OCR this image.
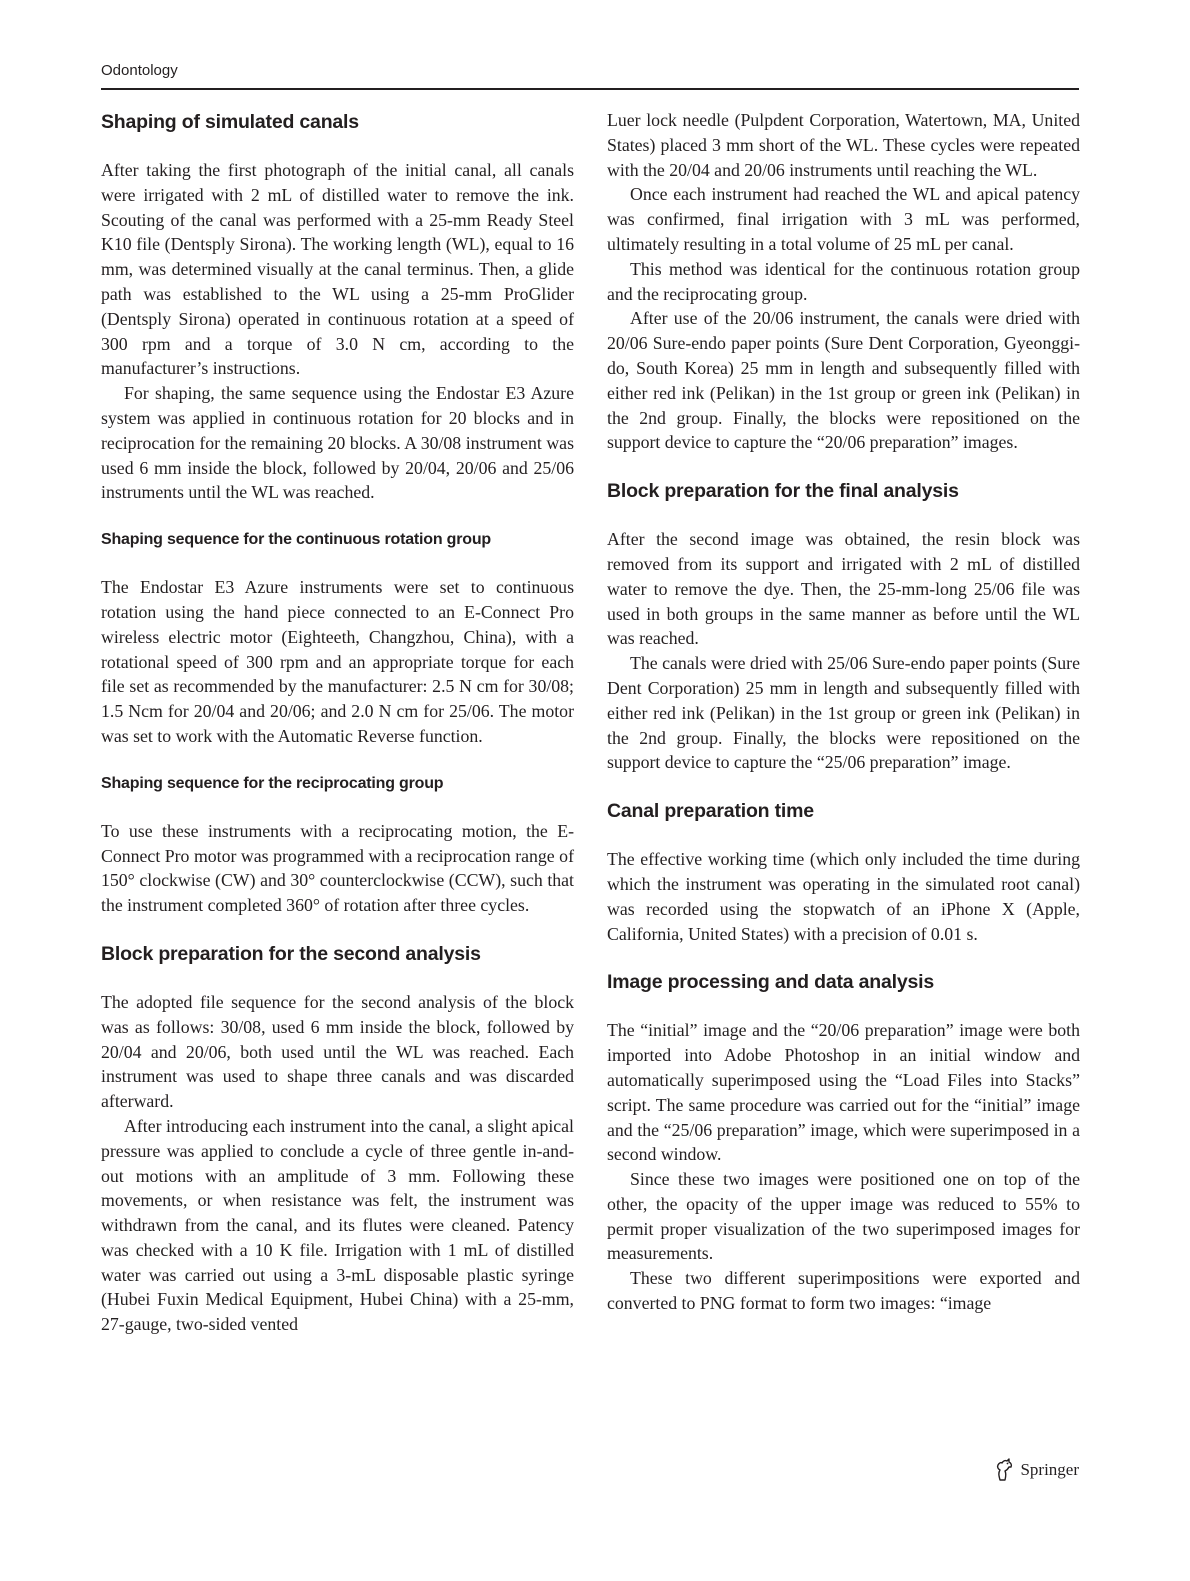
Odontology
Shaping of simulated canals

After taking the first photograph of the initial canal, all canals were irrigated with 2 mL of distilled water to remove the ink. Scouting of the canal was performed with a 25-mm Ready Steel K10 file (Dentsply Sirona). The working length (WL), equal to 16 mm, was determined visually at the canal terminus. Then, a glide path was established to the WL using a 25-mm ProGlider (Dentsply Sirona) operated in continuous rotation at a speed of 300 rpm and a torque of 3.0 N cm, according to the manufacturer’s instructions.

For shaping, the same sequence using the Endostar E3 Azure system was applied in continuous rotation for 20 blocks and in reciprocation for the remaining 20 blocks. A 30/08 instrument was used 6 mm inside the block, followed by 20/04, 20/06 and 25/06 instruments until the WL was reached.

Shaping sequence for the continuous rotation group

The Endostar E3 Azure instruments were set to continuous rotation using the hand piece connected to an E-Connect Pro wireless electric motor (Eighteeth, Changzhou, China), with a rotational speed of 300 rpm and an appropriate torque for each file set as recommended by the manufacturer: 2.5 N cm for 30/08; 1.5 Ncm for 20/04 and 20/06; and 2.0 N cm for 25/06. The motor was set to work with the Automatic Reverse function.

Shaping sequence for the reciprocating group

To use these instruments with a reciprocating motion, the E-Connect Pro motor was programmed with a reciprocation range of 150° clockwise (CW) and 30° counterclockwise (CCW), such that the instrument completed 360° of rotation after three cycles.

Block preparation for the second analysis

The adopted file sequence for the second analysis of the block was as follows: 30/08, used 6 mm inside the block, followed by 20/04 and 20/06, both used until the WL was reached. Each instrument was used to shape three canals and was discarded afterward.

After introducing each instrument into the canal, a slight apical pressure was applied to conclude a cycle of three gentle in-and-out motions with an amplitude of 3 mm. Following these movements, or when resistance was felt, the instrument was withdrawn from the canal, and its flutes were cleaned. Patency was checked with a 10 K file. Irrigation with 1 mL of distilled water was carried out using a 3-mL disposable plastic syringe (Hubei Fuxin Medical Equipment, Hubei China) with a 25-mm, 27-gauge, two-sided vented

Luer lock needle (Pulpdent Corporation, Watertown, MA, United States) placed 3 mm short of the WL. These cycles were repeated with the 20/04 and 20/06 instruments until reaching the WL.

Once each instrument had reached the WL and apical patency was confirmed, final irrigation with 3 mL was performed, ultimately resulting in a total volume of 25 mL per canal.

This method was identical for the continuous rotation group and the reciprocating group.

After use of the 20/06 instrument, the canals were dried with 20/06 Sure-endo paper points (Sure Dent Corporation, Gyeonggi-do, South Korea) 25 mm in length and subsequently filled with either red ink (Pelikan) in the 1st group or green ink (Pelikan) in the 2nd group. Finally, the blocks were repositioned on the support device to capture the “20/06 preparation” images.

Block preparation for the final analysis

After the second image was obtained, the resin block was removed from its support and irrigated with 2 mL of distilled water to remove the dye. Then, the 25-mm-long 25/06 file was used in both groups in the same manner as before until the WL was reached.

The canals were dried with 25/06 Sure-endo paper points (Sure Dent Corporation) 25 mm in length and subsequently filled with either red ink (Pelikan) in the 1st group or green ink (Pelikan) in the 2nd group. Finally, the blocks were repositioned on the support device to capture the “25/06 preparation” image.

Canal preparation time

The effective working time (which only included the time during which the instrument was operating in the simulated root canal) was recorded using the stopwatch of an iPhone X (Apple, California, United States) with a precision of 0.01 s.

Image processing and data analysis

The “initial” image and the “20/06 preparation” image were both imported into Adobe Photoshop in an initial window and automatically superimposed using the “Load Files into Stacks” script. The same procedure was carried out for the “initial” image and the “25/06 preparation” image, which were superimposed in a second window.

Since these two images were positioned one on top of the other, the opacity of the upper image was reduced to 55% to permit proper visualization of the two superimposed images for measurements.

These two different superimpositions were exported and converted to PNG format to form two images: “image

Springer
